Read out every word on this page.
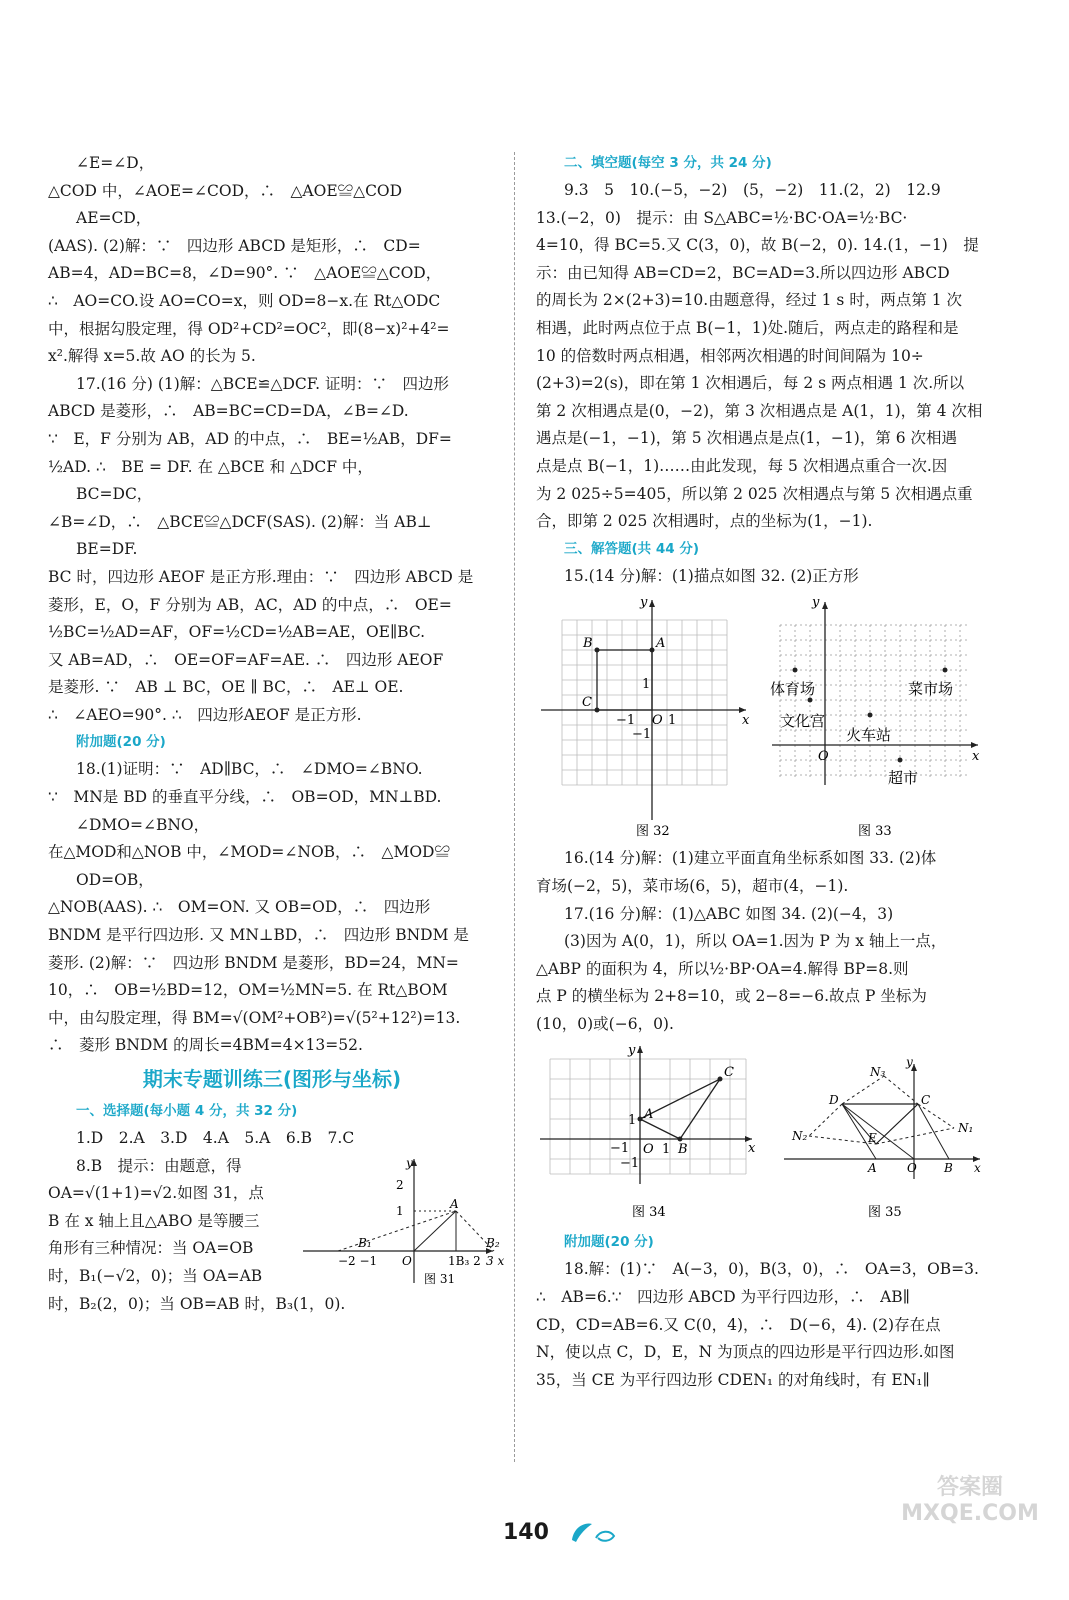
∠E=∠D，

△COD 中，∠AOE=∠COD，∴　△AOE≌△COD

AE=CD，

(AAS). (2)解：∵　四边形 ABCD 是矩形，∴　CD=

AB=4，AD=BC=8，∠D=90°. ∵　△AOE≌△COD，

∴　AO=CO.设 AO=CO=x，则 OD=8−x.在 Rt△ODC

中，根据勾股定理，得 OD²+CD²=OC²，即(8−x)²+4²=

x².解得 x=5.故 AO 的长为 5.

17.(16 分) (1)解：△BCE≌△DCF. 证明：∵　四边形

ABCD 是菱形，∴　AB=BC=CD=DA，∠B=∠D.

∵　E，F 分别为 AB，AD 的中点，∴　BE=½AB，DF=

½AD. ∴　BE = DF. 在 △BCE 和 △DCF 中，

BC=DC，

∠B=∠D，∴　△BCE≌△DCF(SAS). (2)解：当 AB⊥

BE=DF.

BC 时，四边形 AEOF 是正方形.理由：∵　四边形 ABCD 是

菱形，E，O，F 分别为 AB，AC，AD 的中点，∴　OE=

½BC=½AD=AF，OF=½CD=½AB=AE，OE∥BC.

又 AB=AD，∴　OE=OF=AF=AE. ∴　四边形 AEOF

是菱形. ∵　AB ⊥ BC，OE ∥ BC，∴　AE⊥ OE.

∴　∠AEO=90°. ∴　四边形AEOF 是正方形.

附加题(20 分)

18.(1)证明：∵　AD∥BC，∴　∠DMO=∠BNO.

∵　MN是 BD 的垂直平分线，∴　OB=OD，MN⊥BD.

∠DMO=∠BNO，

在△MOD和△NOB 中，∠MOD=∠NOB，∴　△MOD≌

OD=OB，

△NOB(AAS). ∴　OM=ON. 又 OB=OD，∴　四边形

BNDM 是平行四边形. 又 MN⊥BD，∴　四边形 BNDM 是

菱形. (2)解：∵　四边形 BNDM 是菱形，BD=24，MN=

10，∴　OB=½BD=12，OM=½MN=5. 在 Rt△BOM

中，由勾股定理，得 BM=√(OM²+OB²)=√(5²+12²)=13.

∴　菱形 BNDM 的周长=4BM=4×13=52.

期末专题训练三(图形与坐标)

一、选择题(每小题 4 分，共 32 分)

1.D　2.A　3.D　4.A　5.A　6.B　7.C

8.B　提示：由题意，得

OA=√(1+1)=√2.如图 31，点

B 在 x 轴上且△ABO 是等腰三

角形有三种情况：当 OA=OB

时，B₁(−√2，0)；当 OA=AB

时，B₂(2，0)；当 OB=AB 时，B₃(1，0).

y
2
1	A
B₁	B₂
1B₃ 2
−2 −1 O	3 x
图 31

二、填空题(每空 3 分，共 24 分)

9.3　5　10.(−5，−2)　(5，−2)　11.(2，2)　12.9

13.(−2，0)　提示：由 S△ABC=½·BC·OA=½·BC·

4=10，得 BC=5.又 C(3，0)，故 B(−2，0). 14.(1，−1)　提

示：由已知得 AB=CD=2，BC=AD=3.所以四边形 ABCD

的周长为 2×(2+3)=10.由题意得，经过 1 s 时，两点第 1 次

相遇，此时两点位于点 B(−1，1)处.随后，两点走的路程和是

10 的倍数时两点相遇，相邻两次相遇的时间间隔为 10÷

(2+3)=2(s)，即在第 1 次相遇后，每 2 s 两点相遇 1 次.所以

第 2 次相遇点是(0，−2)，第 3 次相遇点是 A(1，1)，第 4 次相

遇点是(−1，−1)，第 5 次相遇点是点(1，−1)，第 6 次相遇

点是点 B(−1，1)……由此发现，每 5 次相遇点重合一次.因

为 2 025÷5=405，所以第 2 025 次相遇点与第 5 次相遇点重

合，即第 2 025 次相遇时，点的坐标为(1，−1).

三、解答题(共 44 分)

15.(14 分)解：(1)描点如图 32. (2)正方形

y
B	A
C
1
−1 O 1
−1
x
图 32
y
体育场	菜市场
文化宫
火车站
超市
O	x
图 33

16.(14 分)解：(1)建立平面直角坐标系如图 33. (2)体

育场(−2，5)，菜市场(6，5)，超市(4，−1).

17.(16 分)解：(1)△ABC 如图 34. (2)(−4，3)

(3)因为 A(0，1)，所以 OA=1.因为 P 为 x 轴上一点，

△ABP 的面积为 4，所以½·BP·OA=4.解得 BP=8.则

点 P 的横坐标为 2+8=10，或 2−8=−6.故点 P 坐标为

(10，0)或(−6，0).

y
A
C
1
−1 O 1 B
−1
x
图 34
y
N₃
D	C
N₂
N₁
E
A	O B x
图 35

附加题(20 分)

18.解：(1)∵　A(−3，0)，B(3，0)，∴　OA=3，OB=3.

∴　AB=6.∵　四边形 ABCD 为平行四边形，∴　AB∥

CD，CD=AB=6.又 C(0，4)，∴　D(−6，4). (2)存在点

N，使以点 C，D，E，N 为顶点的四边形是平行四边形.如图

35，当 CE 为平行四边形 CDEN₁ 的对角线时，有 EN₁∥

140
答案圈 MXQE.COM
